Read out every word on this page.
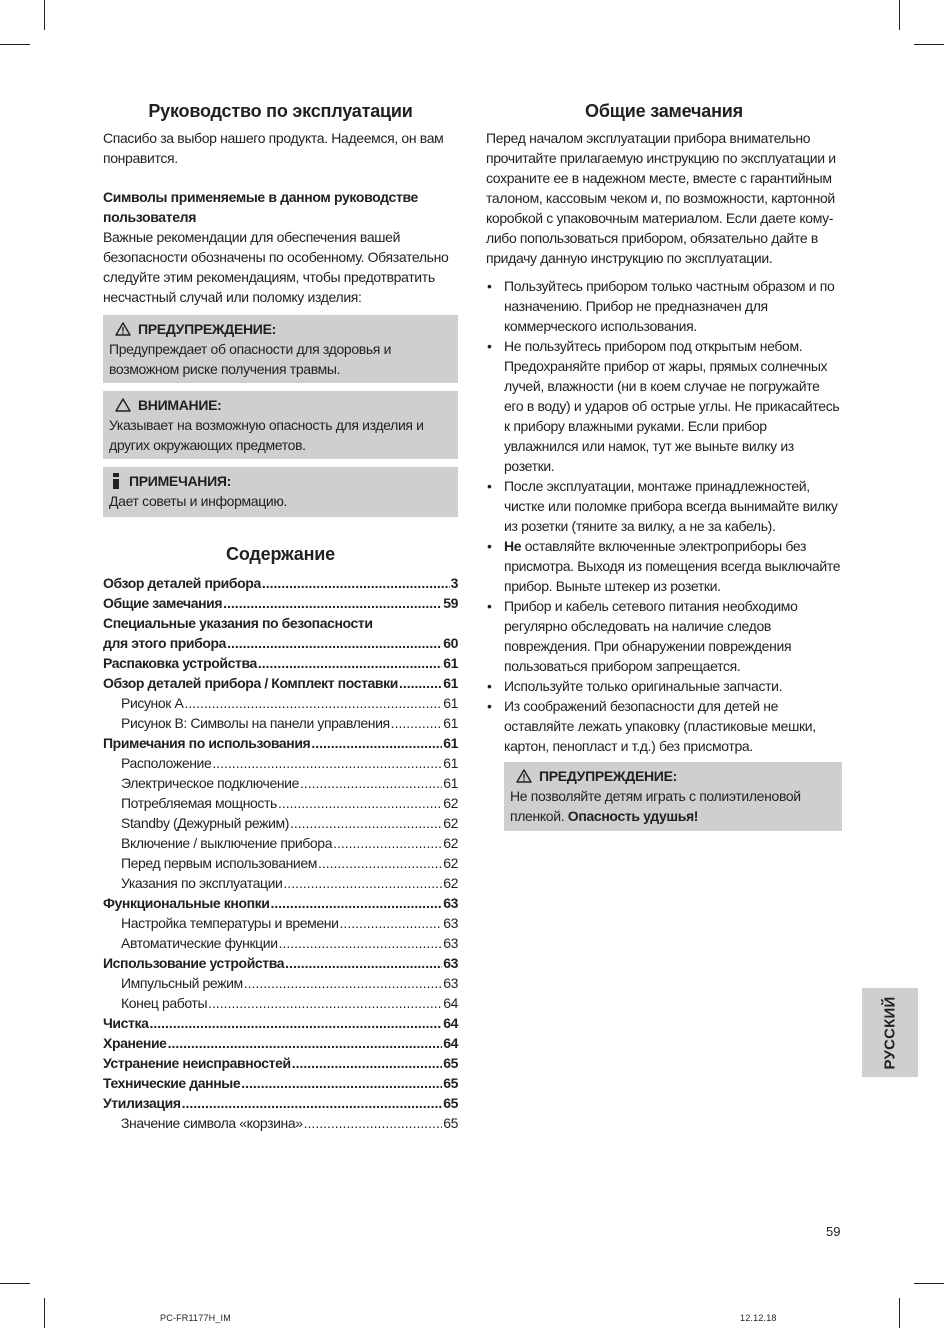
Руководство по эксплуатации

Спасибо за выбор нашего продукта. Надеемся, он вам понравится.

Символы применяемые в данном руководстве пользователя

Важные рекомендации для обеспечения вашей безопасности обозначены по особенному. Обязательно следуйте этим рекомендациям, чтобы предотвратить несчастный случай или поломку изделия:

ПРЕДУПРЕЖДЕНИЕ:

Предупреждает об опасности для здоровья и возможном риске получения травмы.

ВНИМАНИЕ:

Указывает на возможную опасность для изделия и других окружающих предметов.

ПРИМЕЧАНИЯ:

Дает советы и информацию.

Содержание
Обзор деталей прибора .....	3
Общие замечания .....	59
Специальные указания по безопасности
для этого прибора .....	60
Распаковка устройства .....	61
Обзор деталей прибора / Комплект поставки .....	61
Рисунок A .....	61
Рисунок B: Символы на панели управления .....	61
Примечания по использования .....	61
Расположение .....	61
Электрическое подключение .....	61
Потребляемая мощность .....	62
Standby (Дежурный режим) .....	62
Включение / выключение прибора .....	62
Перед первым использованием .....	62
Указания по эксплуатации .....	62
Функциональные кнопки .....	63
Настройка температуры и времени .....	63
Автоматические функции .....	63
Использование устройства .....	63
Импульсный режим .....	63
Конец работы .....	64
Чистка .....	64
Хранение .....	64
Устранение неисправностей .....	65
Технические данные .....	65
Утилизация .....	65
Значение символа «корзина» .....	65
Общие замечания

Перед началом эксплуатации прибора внимательно прочитайте прилагаемую инструкцию по эксплуатации и сохраните ее в надежном месте, вместе с гарантийным талоном, кассовым чеком и, по возможности, картонной коробкой с упаковочным материалом. Если даете кому-либо попользоваться прибором, обязательно дайте в придачу данную инструкцию по эксплуатации.

• Пользуйтесь прибором только частным образом и по назначению. Прибор не предназначен для коммерческого использования.
• Не пользуйтесь прибором под открытым небом. Предохраняйте прибор от жары, прямых солнечных лучей, влажности (ни в коем случае не погружайте его в воду) и ударов об острые углы. Не прикасайтесь к прибору влажными руками. Если прибор увлажнился или намок, тут же выньте вилку из розетки.
• После эксплуатации, монтаже принадлежностей, чистке или поломке прибора всегда вынимайте вилку из розетки (тяните за вилку, а не за кабель).
• Не оставляйте включенные электроприборы без присмотра. Выходя из помещения всегда выключайте прибор. Выньте штекер из розетки.
• Прибор и кабель сетевого питания необходимо регулярно обследовать на наличие следов повреждения. При обнаружении повреждения пользоваться прибором запрещается.
• Используйте только оригинальные запчасти.
• Из соображений безопасности для детей не оставляйте лежать упаковку (пластиковые мешки, картон, пенопласт и т.д.) без присмотра.
ПРЕДУПРЕЖДЕНИЕ:

Не позволяйте детям играть с полиэтиленовой пленкой. Опасность удушья!

РУССКИЙ
59
PC-FR1177H_IM	12.12.18
